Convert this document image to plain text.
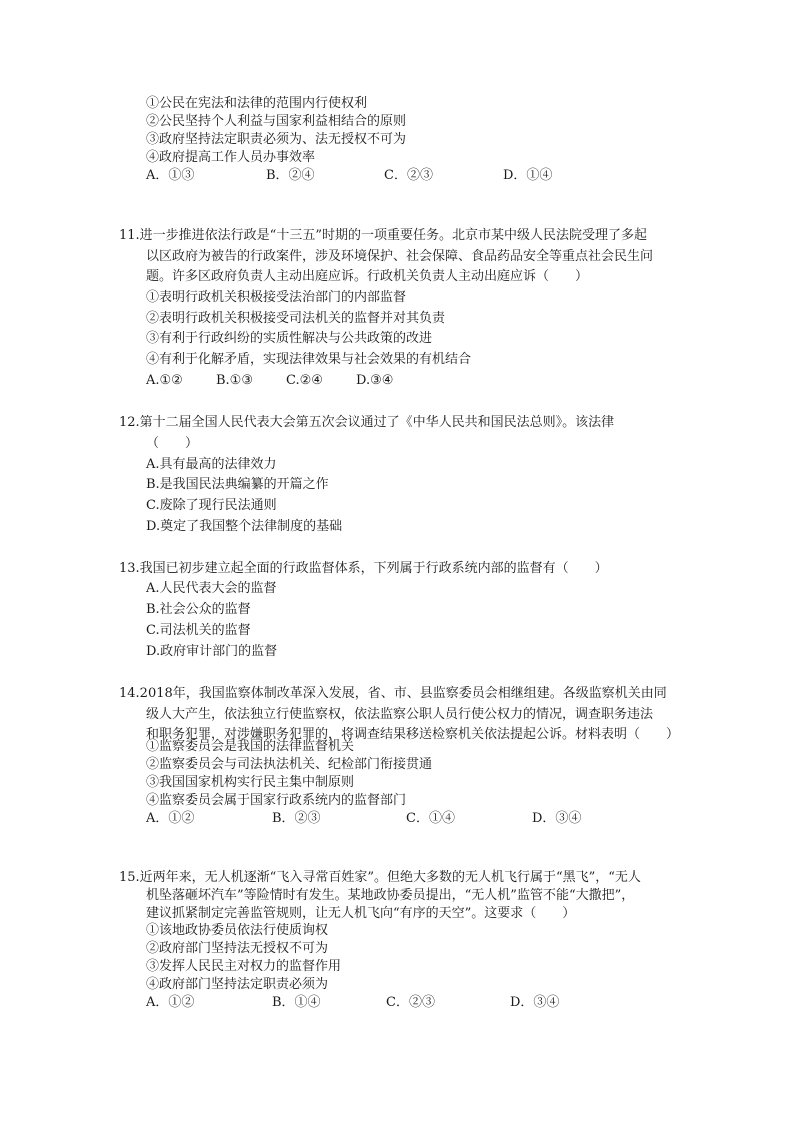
①公民在宪法和法律的范围内行使权利
②公民坚持个人利益与国家利益相结合的原则
③政府坚持法定职责必须为、法无授权不可为
④政府提高工作人员办事效率
A．①③	B．②④	C．②③	D．①④
11.进一步推进依法行政是“十三五”时期的一项重要任务。北京市某中级人民法院受理了多起
以区政府为被告的行政案件，涉及环境保护、社会保障、食品药品安全等重点社会民生问
题。许多区政府负责人主动出庭应诉。行政机关负责人主动出庭应诉（　　）
①表明行政机关积极接受法治部门的内部监督
②表明行政机关积极接受司法机关的监督并对其负责
③有利于行政纠纷的实质性解决与公共政策的改进
④有利于化解矛盾，实现法律效果与社会效果的有机结合
A.①②	B.①③	C.②④	D.③④
12.第十二届全国人民代表大会第五次会议通过了《中华人民共和国民法总则》。该法律
（　　）
A.具有最高的法律效力
B.是我国民法典编纂的开篇之作
C.废除了现行民法通则
D.奠定了我国整个法律制度的基础
13.我国已初步建立起全面的行政监督体系，下列属于行政系统内部的监督有（　　）
A.人民代表大会的监督
B.社会公众的监督
C.司法机关的监督
D.政府审计部门的监督
14.2018年，我国监察体制改革深入发展，省、市、县监察委员会相继组建。各级监察机关由同
级人大产生，依法独立行使监察权，依法监察公职人员行使公权力的情况，调查职务违法
和职务犯罪，对涉嫌职务犯罪的，将调查结果移送检察机关依法提起公诉。材料表明（　　）
①监察委员会是我国的法律监督机关
②监察委员会与司法执法机关、纪检部门衔接贯通
③我国国家机构实行民主集中制原则
④监察委员会属于国家行政系统内的监督部门
A．①②	B．②③	C．①④	D．③④
15.近两年来，无人机逐渐“飞入寻常百姓家”。但绝大多数的无人机飞行属于“黑飞”，“无人
机坠落砸坏汽车”等险情时有发生。某地政协委员提出，“无人机”监管不能“大撒把”，
建议抓紧制定完善监管规则，让无人机飞向“有序的天空”。这要求（　　）
①该地政协委员依法行使质询权
②政府部门坚持法无授权不可为
③发挥人民民主对权力的监督作用
④政府部门坚持法定职责必须为
A．①②	B．①④	C．②③	D．③④
